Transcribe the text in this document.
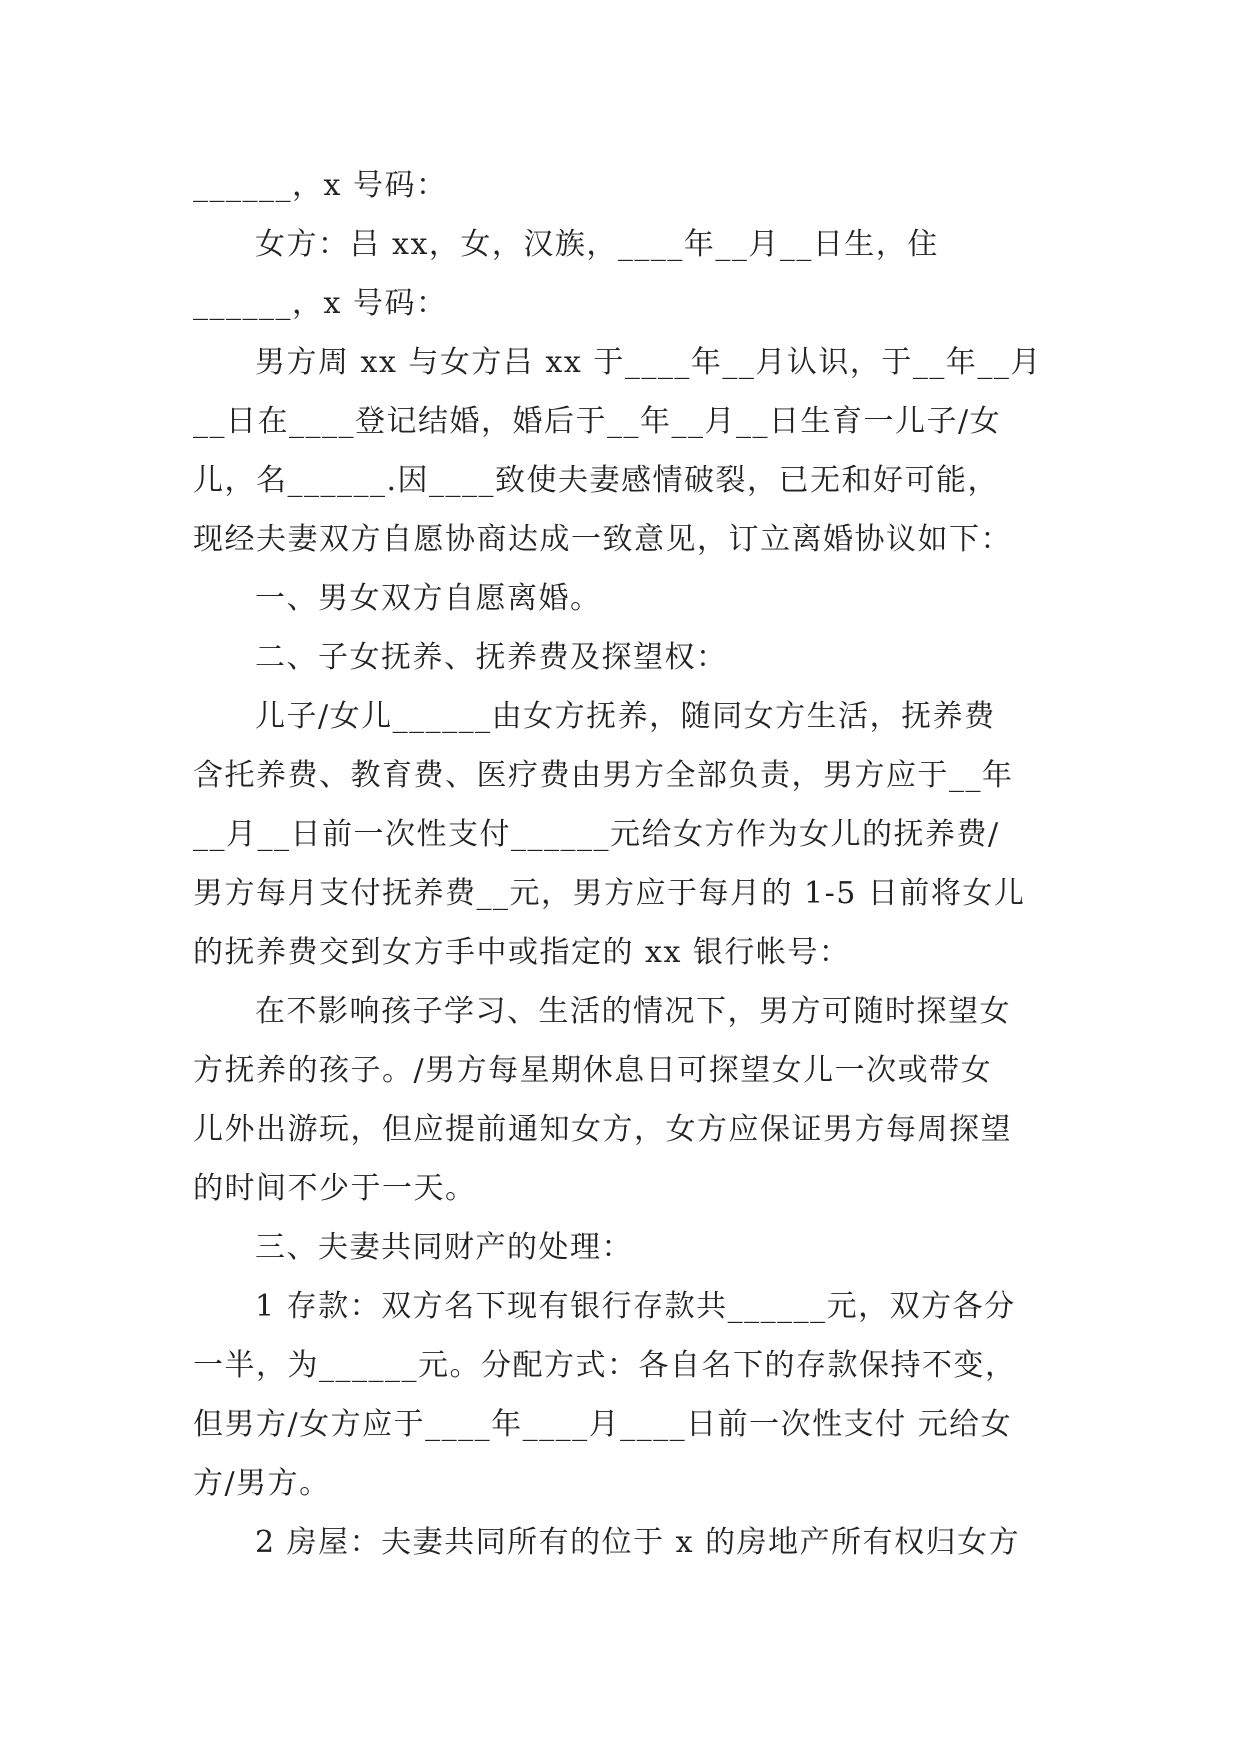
______，x 号码：
女方：吕 xx，女，汉族，____年__月__日生，住
______，x 号码：
男方周 xx 与女方吕 xx 于____年__月认识，于__年__月
__日在____登记结婚，婚后于__年__月__日生育一儿子/女
儿，名______.因____致使夫妻感情破裂，已无和好可能，
现经夫妻双方自愿协商达成一致意见，订立离婚协议如下：
一、男女双方自愿离婚。
二、子女抚养、抚养费及探望权：
儿子/女儿______由女方抚养，随同女方生活，抚养费
含托养费、教育费、医疗费由男方全部负责，男方应于__年
__月__日前一次性支付______元给女方作为女儿的抚养费/
男方每月支付抚养费__元，男方应于每月的 1-5 日前将女儿
的抚养费交到女方手中或指定的 xx 银行帐号：
在不影响孩子学习、生活的情况下，男方可随时探望女
方抚养的孩子。/男方每星期休息日可探望女儿一次或带女
儿外出游玩，但应提前通知女方，女方应保证男方每周探望
的时间不少于一天。
三、夫妻共同财产的处理：
1 存款：双方名下现有银行存款共______元，双方各分
一半，为______元。分配方式：各自名下的存款保持不变，
但男方/女方应于____年____月____日前一次性支付 元给女
方/男方。
2 房屋：夫妻共同所有的位于 x 的房地产所有权归女方
